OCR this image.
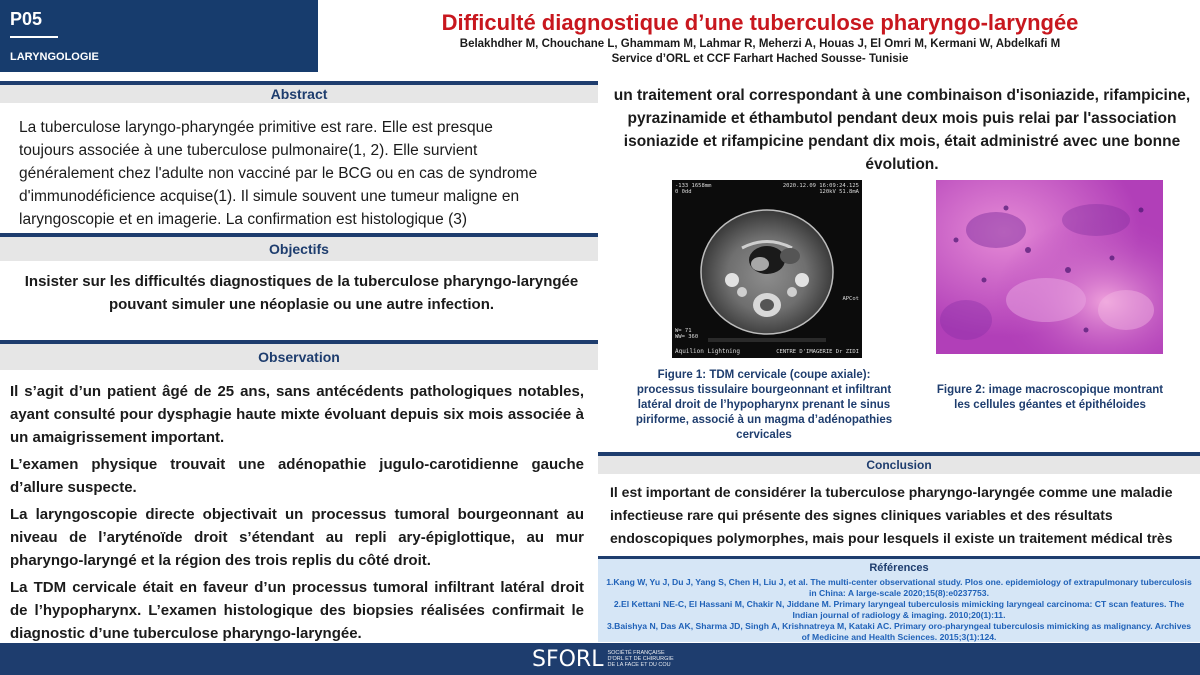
P05
LARYNGOLOGIE
Difficulté diagnostique d’une tuberculose pharyngo-laryngée
Belakhdher M, Chouchane L, Ghammam M, Lahmar R, Meherzi A, Houas J, El Omri M, Kermani W, Abdelkafi M
Service d’ORL et CCF Farhart Hached Sousse- Tunisie
Abstract
La tuberculose laryngo-pharyngée primitive est rare. Elle est presque toujours associée à une tuberculose pulmonaire(1, 2). Elle survient généralement chez l'adulte non vacciné par le BCG ou en cas de syndrome d'immunodéficience acquise(1). Il simule souvent une tumeur maligne en laryngoscopie et en imagerie. La confirmation est histologique (3)
Objectifs
Insister sur les difficultés diagnostiques de la tuberculose pharyngo-laryngée pouvant simuler une néoplasie ou une autre infection.
Observation

Il s’agit d’un patient âgé de 25 ans, sans antécédents pathologiques notables, ayant consulté pour dysphagie haute mixte évoluant depuis six mois associée à un amaigrissement important.

L’examen physique trouvait une adénopathie jugulo-carotidienne gauche d’allure suspecte.

La laryngoscopie directe objectivait un processus tumoral bourgeonnant au niveau de l’aryténoïde droit s’étendant au repli ary-épiglottique, au mur pharyngo-laryngé et la région des trois replis du côté droit.

La TDM cervicale était en faveur d’un processus tumoral infiltrant latéral droit de l’hypopharynx. L’examen histologique des biopsies réalisées confirmait le diagnostic d’une tuberculose pharyngo-laryngée.

un traitement oral correspondant à une combinaison d'isoniazide, rifampicine, pyrazinamide et éthambutol pendant deux mois puis relai par l'association isoniazide et rifampicine pendant dix mois, était administré avec une bonne évolution.
-133 1658mm
0 0dd
2020.12.09 16:09:24.125
120kV 51.8mA
APCot
W= 71
WW= 360
Aquilion Lightning	CENTRE D'IMAGERIE Dr ZIDI
Figure 1: TDM cervicale (coupe axiale): processus tissulaire bourgeonnant et infiltrant latéral droit de l’hypopharynx prenant le sinus piriforme, associé à un magma d’adénopathies cervicales
Figure 2: image macroscopique montrant les cellules géantes et épithéloides
Conclusion
Il est important de considérer la tuberculose pharyngo-laryngée comme une maladie infectieuse rare qui présente des signes cliniques variables et des résultats endoscopiques polymorphes, mais pour lesquels il existe un traitement médical très
Références
1.Kang W, Yu J, Du J, Yang S, Chen H, Liu J, et al. The multi-center observational study. Plos one. epidemiology of extrapulmonary tuberculosis in China: A large-scale 2020;15(8):e0237753.
2.El Kettani NE-C, El Hassani M, Chakir N, Jiddane M. Primary laryngeal tuberculosis mimicking laryngeal carcinoma: CT scan features. The Indian journal of radiology & imaging. 2010;20(1):11.
3.Baishya N, Das AK, Sharma JD, Singh A, Krishnatreya M, Kataki AC. Primary oro-pharyngeal tuberculosis mimicking as malignancy. Archives of Medicine and Health Sciences. 2015;3(1):124.
SFORL SOCIÉTÉ FRANÇAISE D'ORL ET DE CHIRURGIE DE LA FACE ET DU COU
